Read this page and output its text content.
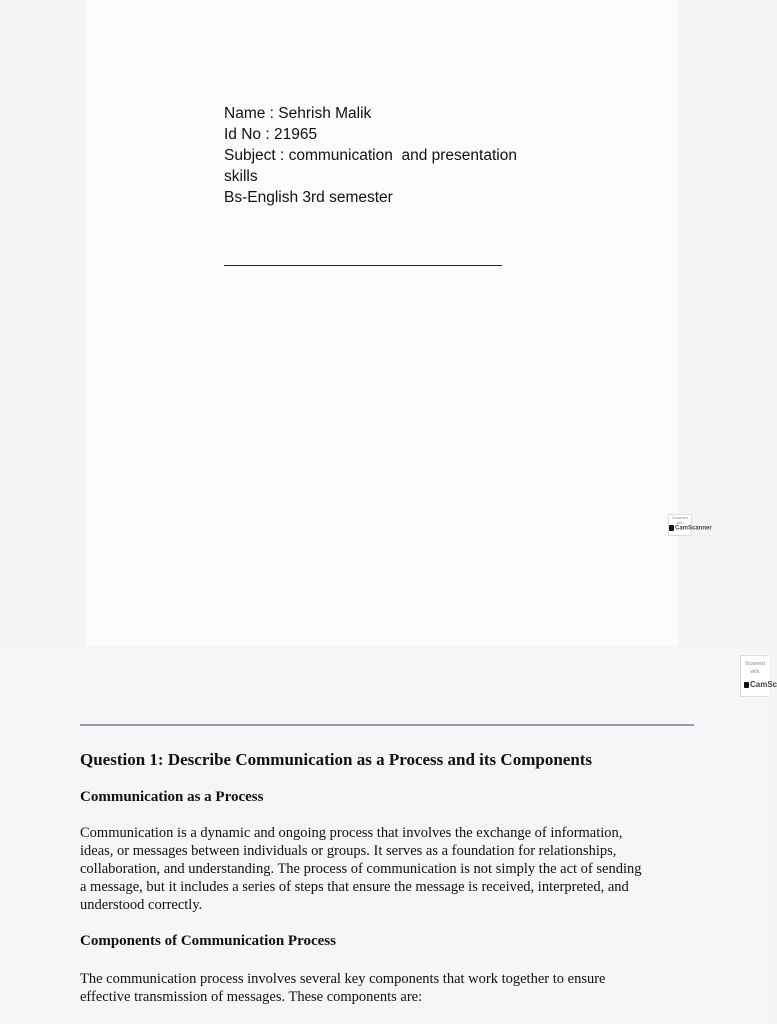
Name : Sehrish Malik
Id No : 21965
Subject : communication  and presentation
skills
Bs-English 3rd semester
Scanned with
CamScanner
Scanned with
CamSc
Question 1: Describe Communication as a Process and its Components
Communication as a Process
Communication is a dynamic and ongoing process that involves the exchange of information,
ideas, or messages between individuals or groups. It serves as a foundation for relationships,
collaboration, and understanding. The process of communication is not simply the act of sending
a message, but it includes a series of steps that ensure the message is received, interpreted, and
understood correctly.
Components of Communication Process
The communication process involves several key components that work together to ensure
effective transmission of messages. These components are:
